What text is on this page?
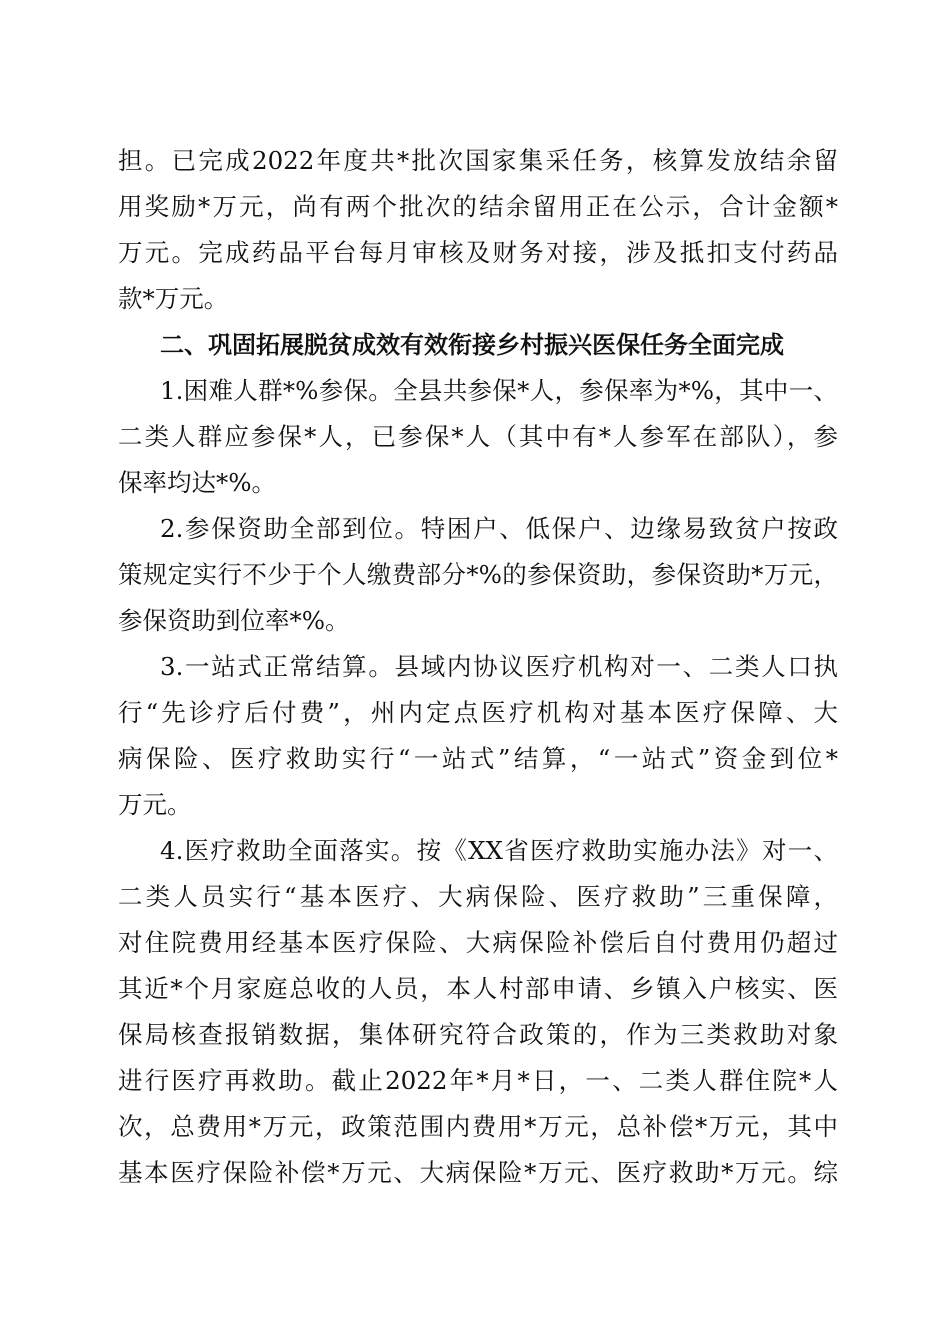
担。已完成2022年度共*批次国家集采任务，核算发放结余留
用奖励*万元，尚有两个批次的结余留用正在公示，合计金额*
万元。完成药品平台每月审核及财务对接，涉及抵扣支付药品
款*万元。
二、巩固拓展脱贫成效有效衔接乡村振兴医保任务全面完成
1.困难人群*%参保。全县共参保*人，参保率为*%，其中一、
二类人群应参保*人，已参保*人（其中有*人参军在部队），参
保率均达*%。
2.参保资助全部到位。特困户、低保户、边缘易致贫户按政
策规定实行不少于个人缴费部分*%的参保资助，参保资助*万元，
参保资助到位率*%。
3.一站式正常结算。县域内协议医疗机构对一、二类人口执
行“先诊疗后付费”，州内定点医疗机构对基本医疗保障、大
病保险、医疗救助实行“一站式”结算，“一站式”资金到位*
万元。
4.医疗救助全面落实。按《XX省医疗救助实施办法》对一、
二类人员实行“基本医疗、大病保险、医疗救助”三重保障，
对住院费用经基本医疗保险、大病保险补偿后自付费用仍超过
其近*个月家庭总收的人员，本人村部申请、乡镇入户核实、医
保局核查报销数据，集体研究符合政策的，作为三类救助对象
进行医疗再救助。截止2022年*月*日，一、二类人群住院*人
次，总费用*万元，政策范围内费用*万元，总补偿*万元，其中
基本医疗保险补偿*万元、大病保险*万元、医疗救助*万元。综
